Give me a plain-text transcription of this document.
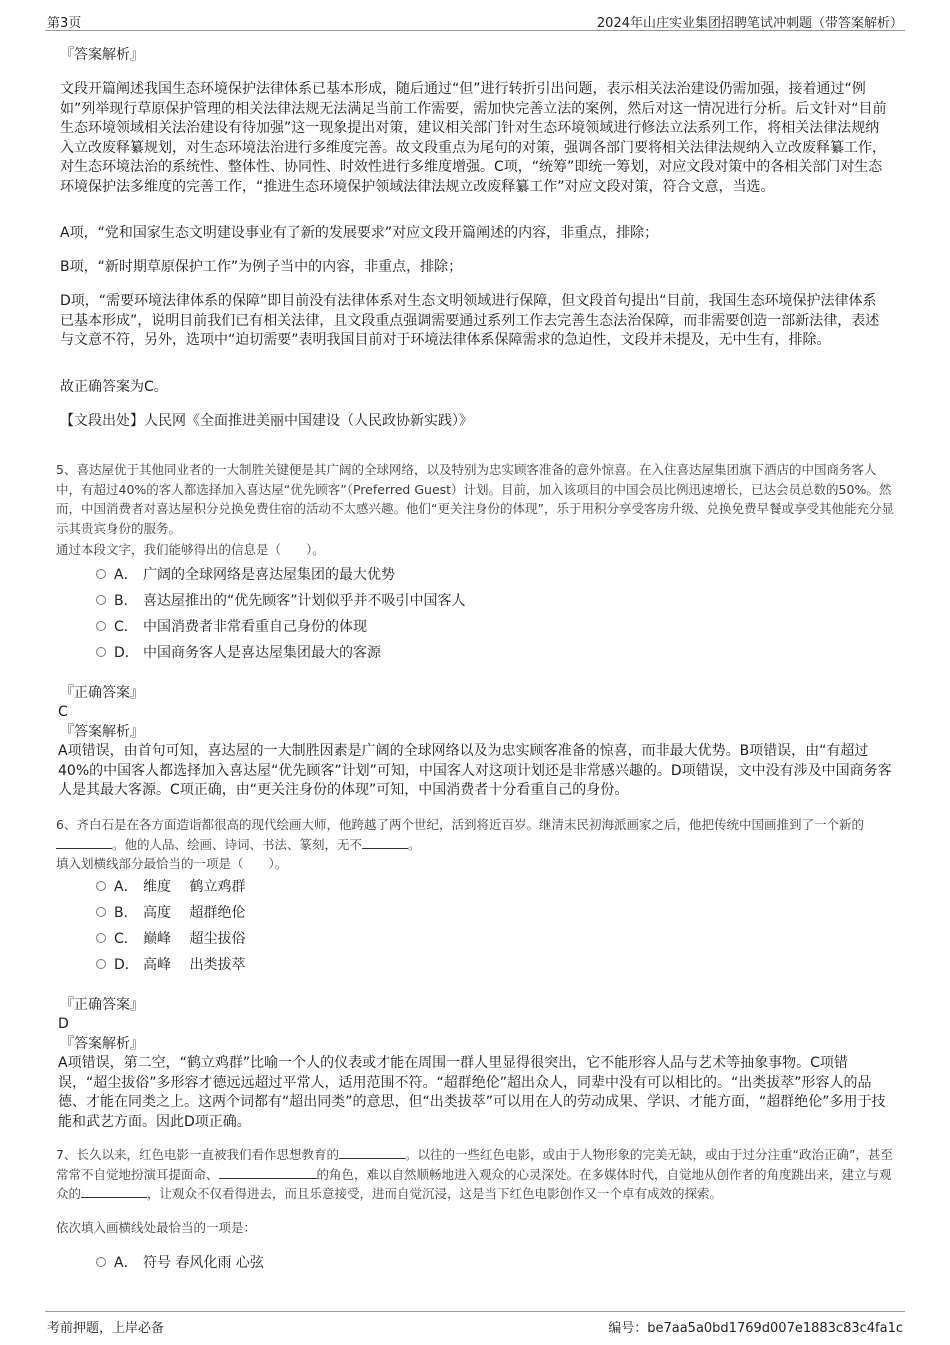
第3页	2024年山庄实业集团招聘笔试冲刺题（带答案解析）
『答案解析』

文段开篇阐述我国生态环境保护法律体系已基本形成，随后通过“但”进行转折引出问题，表示相关法治建设仍需加强，接着通过“例如”列举现行草原保护管理的相关法律法规无法满足当前工作需要，需加快完善立法的案例，然后对这一情况进行分析。后文针对“目前生态环境领域相关法治建设有待加强”这一现象提出对策，建议相关部门针对生态环境领域进行修法立法系列工作，将相关法律法规纳入立改废释纂规划，对生态环境法治进行多维度完善。故文段重点为尾句的对策，强调各部门要将相关法律法规纳入立改废释纂工作，对生态环境法治的系统性、整体性、协同性、时效性进行多维度增强。C项，“统筹”即统一筹划，对应文段对策中的各相关部门对生态环境保护法多维度的完善工作，“推进生态环境保护领域法律法规立改废释纂工作”对应文段对策，符合文意，当选。

A项，“党和国家生态文明建设事业有了新的发展要求”对应文段开篇阐述的内容，非重点，排除；

B项，“新时期草原保护工作”为例子当中的内容，非重点，排除；

D项，“需要环境法律体系的保障”即目前没有法律体系对生态文明领域进行保障，但文段首句提出“目前，我国生态环境保护法律体系已基本形成”，说明目前我们已有相关法律，且文段重点强调需要通过系列工作去完善生态法治保障，而非需要创造一部新法律，表述与文意不符，另外，选项中“迫切需要”表明我国目前对于环境法律体系保障需求的急迫性，文段并未提及，无中生有，排除。

故正确答案为C。

【文段出处】人民网《全面推进美丽中国建设（人民政协新实践）》

5、喜达屋优于其他同业者的一大制胜关键便是其广阔的全球网络，以及特别为忠实顾客准备的意外惊喜。在入住喜达屋集团旗下酒店的中国商务客人中，有超过40%的客人都选择加入喜达屋“优先顾客”（Preferred Guest）计划。目前，加入该项目的中国会员比例迅速增长，已达会员总数的50%。然而，中国消费者对喜达屋积分兑换免费住宿的活动不太感兴趣。他们“更关注身份的体现”，乐于用积分享受客房升级、兑换免费早餐或享受其他能充分显示其贵宾身份的服务。

通过本段文字，我们能够得出的信息是（　　）。

A． 广阔的全球网络是喜达屋集团的最大优势
B． 喜达屋推出的“优先顾客”计划似乎并不吸引中国客人
C． 中国消费者非常看重自己身份的体现
D． 中国商务客人是喜达屋集团最大的客源
『正确答案』
C
『答案解析』

A项错误，由首句可知，喜达屋的一大制胜因素是广阔的全球网络以及为忠实顾客准备的惊喜，而非最大优势。B项错误，由“有超过40%的中国客人都选择加入喜达屋“优先顾客”计划”可知，中国客人对这项计划还是非常感兴趣的。D项错误，文中没有涉及中国商务客人是其最大客源。C项正确，由“更关注身份的体现”可知，中国消费者十分看重自己的身份。

6、齐白石是在各方面造诣都很高的现代绘画大师，他跨越了两个世纪，活到将近百岁。继清末民初海派画家之后，他把传统中国画推到了一个新的。他的人品、绘画、诗词、书法、篆刻，无不	。

填入划横线部分最恰当的一项是（　　）。

A． 维度　 鹤立鸡群
B． 高度　 超群绝伦
C． 巅峰　 超尘拔俗
D． 高峰　 出类拔萃
『正确答案』
D
『答案解析』

A项错误，第二空，“鹤立鸡群”比喻一个人的仪表或才能在周围一群人里显得很突出，它不能形容人品与艺术等抽象事物。C项错误，“超尘拔俗”多形容才德远远超过平常人，适用范围不符。“超群绝伦”超出众人，同辈中没有可以相比的。“出类拔萃”形容人的品德、才能在同类之上。这两个词都有“超出同类”的意思，但“出类拔萃”可以用在人的劳动成果、学识、才能方面，“超群绝伦”多用于技能和武艺方面。因此D项正确。

7、长久以来，红色电影一直被我们看作思想教育的	。以往的一些红色电影，或由于人物形象的完美无缺，或由于过分注重“政治正确”，甚至常常不自觉地扮演耳提面命、	的角色，难以自然顺畅地进入观众的心灵深处。在多媒体时代，自觉地从创作者的角度跳出来，建立与观众的	，让观众不仅看得进去，而且乐意接受，进而自觉沉浸，这是当下红色电影创作又一个卓有成效的探索。

依次填入画横线处最恰当的一项是：

A． 符号 春风化雨 心弦
考前押题，上岸必备	编号：be7aa5a0bd1769d007e1883c83c4fa1c
